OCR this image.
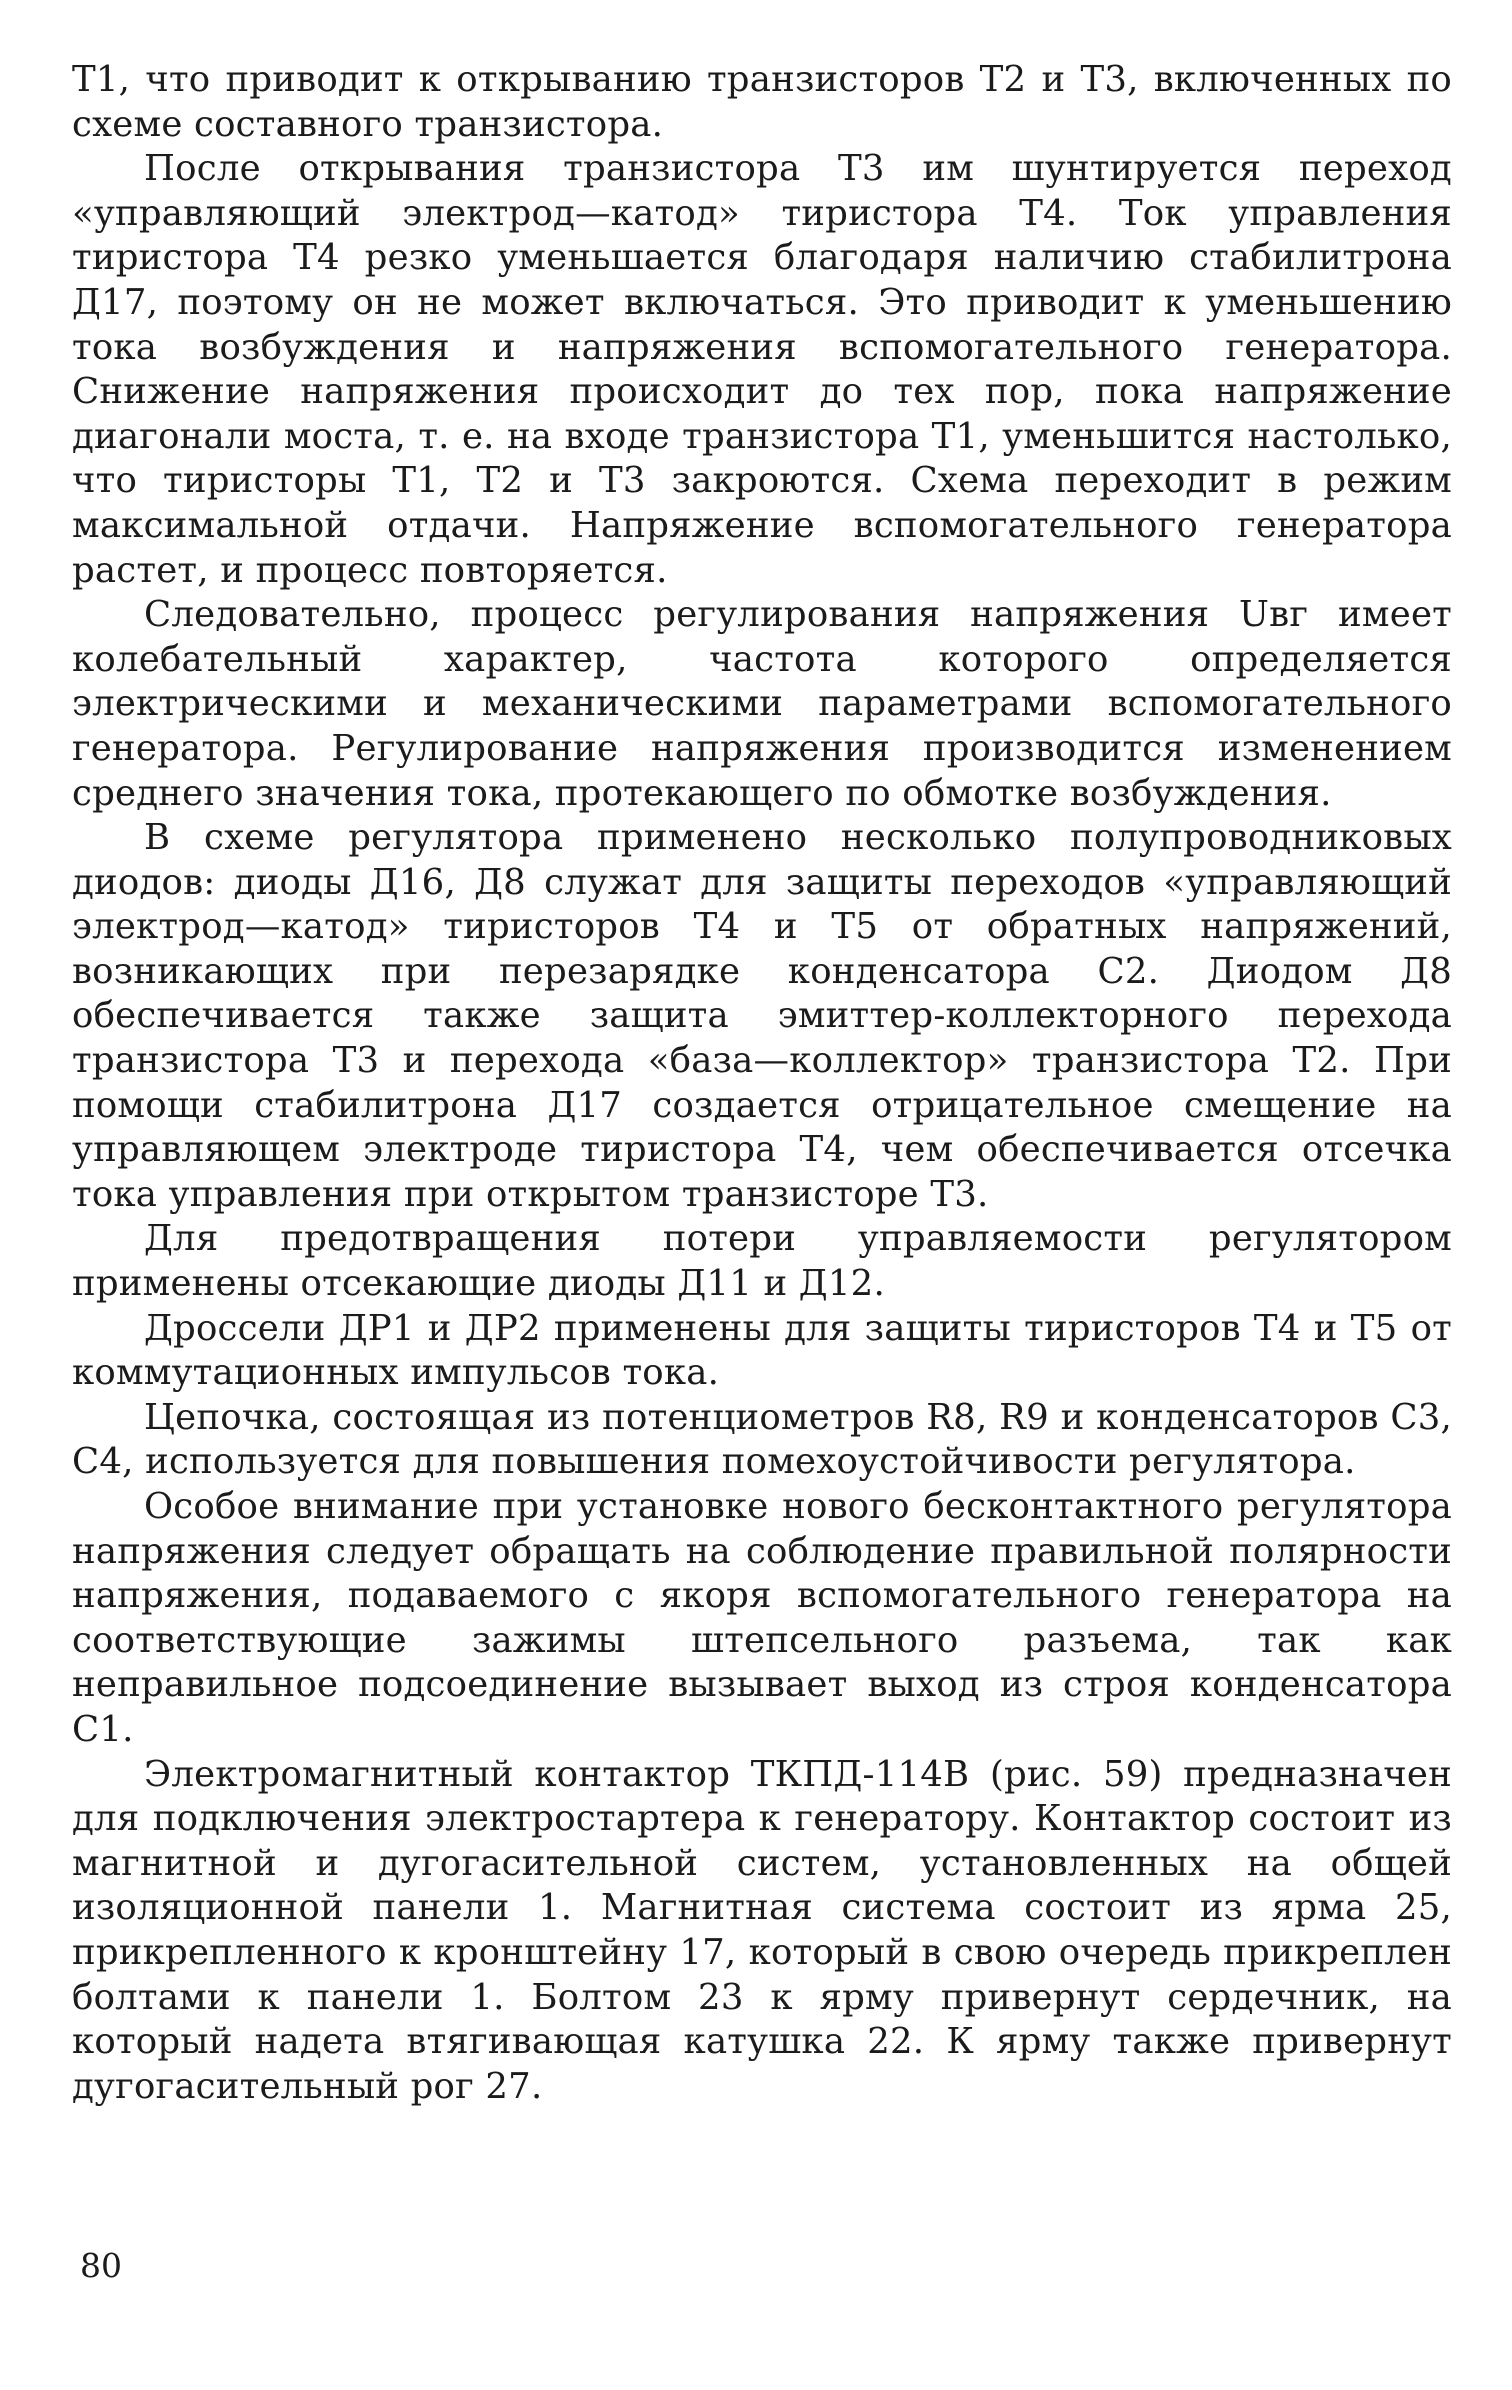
T1, что приводит к открыванию транзисторов T2 и T3, включенных по схеме составного транзистора.

После открывания транзистора T3 им шунтируется переход «управляющий электрод—катод» тиристора T4. Ток управления тиристора T4 резко уменьшается благодаря наличию стабилитрона Д17, поэтому он не может включаться. Это приводит к уменьшению тока возбуждения и напряжения вспомогательного генератора. Снижение напряжения происходит до тех пор, пока напряжение диагонали моста, т. е. на входе транзистора T1, уменьшится настолько, что тиристоры T1, T2 и T3 закроются. Схема переходит в режим максимальной отдачи. Напряжение вспомогательного генератора растет, и процесс повторяется.

Следовательно, процесс регулирования напряжения Uвг имеет колебательный характер, частота которого определяется электрическими и механическими параметрами вспомогательного генератора. Регулирование напряжения производится изменением среднего значения тока, протекающего по обмотке возбуждения.

В схеме регулятора применено несколько полупроводниковых диодов: диоды Д16, Д8 служат для защиты переходов «управляющий электрод—катод» тиристоров T4 и T5 от обратных напряжений, возникающих при перезарядке конденсатора C2. Диодом Д8 обеспечивается также защита эмиттер-коллекторного перехода транзистора T3 и перехода «база—коллектор» транзистора T2. При помощи стабилитрона Д17 создается отрицательное смещение на управляющем электроде тиристора T4, чем обеспечивается отсечка тока управления при открытом транзисторе T3.

Для предотвращения потери управляемости регулятором применены отсекающие диоды Д11 и Д12.

Дроссели ДР1 и ДР2 применены для защиты тиристоров T4 и T5 от коммутационных импульсов тока.

Цепочка, состоящая из потенциометров R8, R9 и конденсаторов C3, C4, используется для повышения помехоустойчивости регулятора.

Особое внимание при установке нового бесконтактного регулятора напряжения следует обращать на соблюдение правильной полярности напряжения, подаваемого с якоря вспомогательного генератора на соответствующие зажимы штепсельного разъема, так как неправильное подсоединение вызывает выход из строя конденсатора C1.

Электромагнитный контактор ТКПД-114В (рис. 59) предназначен для подключения электростартера к генератору. Контактор состоит из магнитной и дугогасительной систем, установленных на общей изоляционной панели 1. Магнитная система состоит из ярма 25, прикрепленного к кронштейну 17, который в свою очередь прикреплен болтами к панели 1. Болтом 23 к ярму привернут сердечник, на который надета втягивающая катушка 22. К ярму также привернут дугогасительный рог 27.

80
